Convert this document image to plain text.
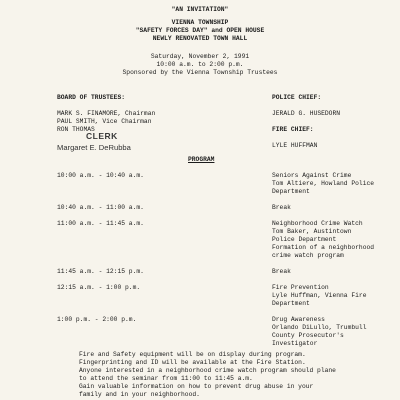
"AN INVITATION"
VIENNA TOWNSHIP
"SAFETY FORCES DAY" and OPEN HOUSE
NEWLY RENOVATED TOWN HALL
Saturday, November 2, 1991
10:00 a.m. to 2:00 p.m.
Sponsored by the Vienna Township Trustees
BOARD OF TRUSTEES:
MARK S. FINAMORE, Chairman
PAUL SMITH, Vice Chairman
RON THOMAS
CLERK
Margaret E. DeRubba
POLICE CHIEF:
JERALD G. HUSEDORN
FIRE CHIEF:
LYLE HUFFMAN
PROGRAM
10:00 a.m. - 10:40 a.m.	Seniors Against Crime
Tom Altiere, Howland Police
Department
10:40 a.m. - 11:00 a.m.	Break
11:00 a.m. - 11:45 a.m.	Neighborhood Crime Watch
Tom Baker, Austintown
Police Department
Formation of a neighborhood
crime watch program
11:45 a.m. - 12:15 p.m.	Break
12:15 a.m. - 1:00 p.m.	Fire Prevention
Lyle Huffman, Vienna Fire
Department
1:00 p.m. - 2:00 p.m.	Drug Awareness
Orlando DiLullo, Trumbull
County Prosecutor's
Investigator
Fire and Safety equipment will be on display during program.
Fingerprinting and ID will be available at the Fire Station.
Anyone interested in a neighborhood crime watch program should plane
to attend the seminar from 11:00 to 11:45 a.m.
Gain valuable information on how to prevent drug abuse in your
family and in your neighborhood.
